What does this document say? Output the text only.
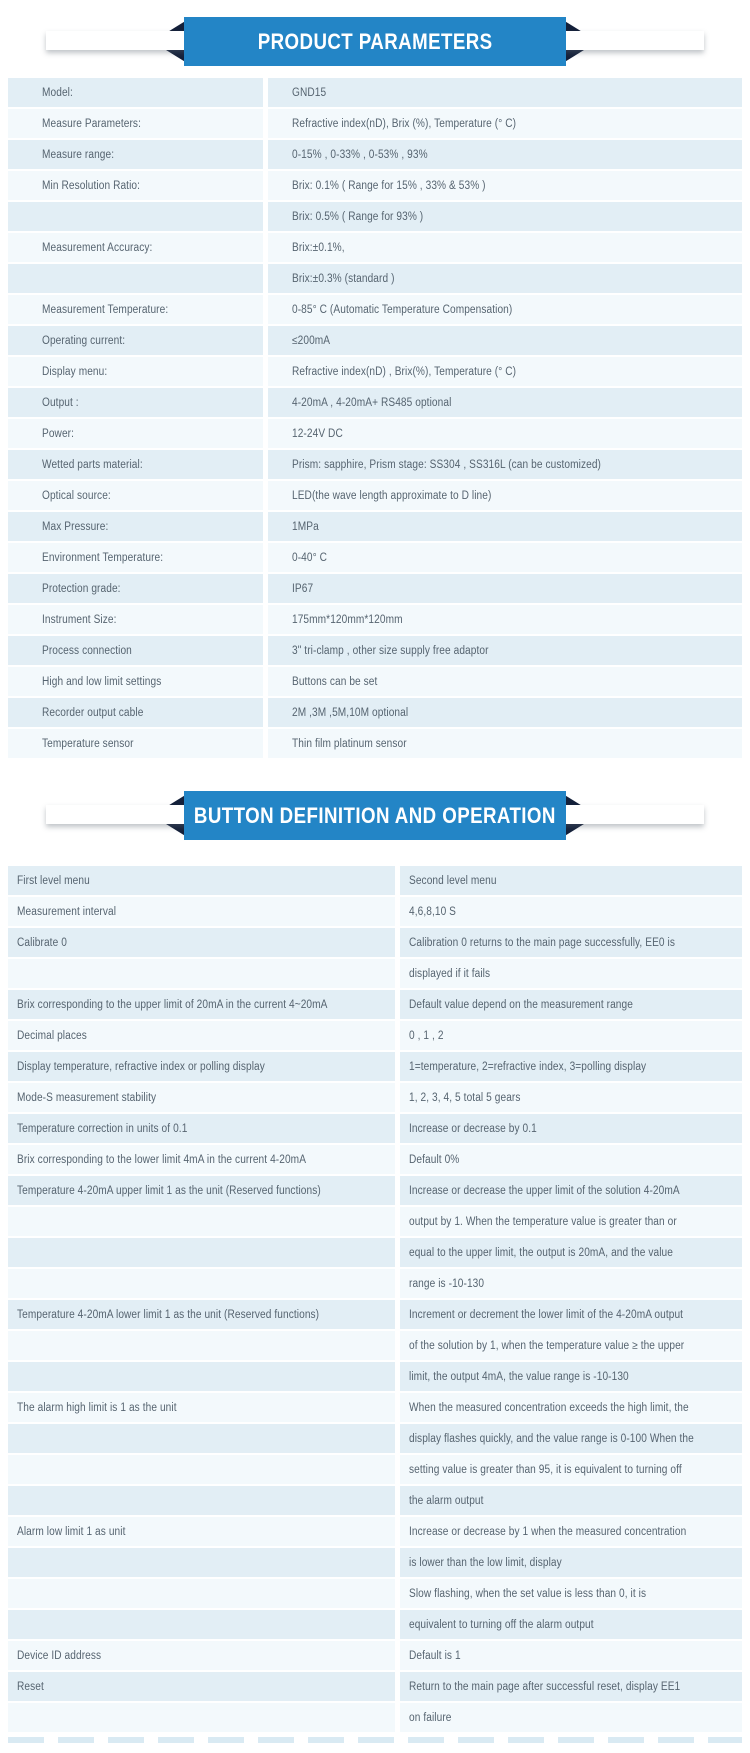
PRODUCT PARAMETERS
Model:	GND15
Measure Parameters:	Refractive index(nD), Brix (%), Temperature (° C)
Measure range:	0-15% , 0-33% , 0-53% , 93%
Min Resolution Ratio:	Brix: 0.1% ( Range for 15% , 33% & 53% )
Brix: 0.5% ( Range for 93% )
Measurement Accuracy:	Brix:±0.1%,
Brix:±0.3% (standard )
Measurement Temperature:	0-85° C (Automatic Temperature Compensation)
Operating current:	≤200mA
Display menu:	Refractive index(nD) , Brix(%), Temperature (° C)
Output :	4-20mA , 4-20mA+ RS485 optional
Power:	12-24V DC
Wetted parts material:	Prism: sapphire, Prism stage: SS304 , SS316L (can be customized)
Optical source:	LED(the wave length approximate to D line)
Max Pressure:	1MPa
Environment Temperature:	0-40° C
Protection grade:	IP67
Instrument Size:	175mm*120mm*120mm
Process connection	3" tri-clamp , other size supply free adaptor
High and low limit settings	Buttons can be set
Recorder output cable	2M ,3M ,5M,10M optional
Temperature sensor	Thin film platinum sensor
BUTTON DEFINITION AND OPERATION
First level menu	Second level menu
Measurement interval	4,6,8,10 S
Calibrate 0	Calibration 0 returns to the main page successfully, EE0 is
displayed if it fails
Brix corresponding to the upper limit of 20mA in the current 4~20mA	Default value depend on the measurement range
Decimal places	0 , 1 , 2
Display temperature, refractive index or polling display	1=temperature, 2=refractive index, 3=polling display
Mode-S measurement stability	1, 2, 3, 4, 5 total 5 gears
Temperature correction in units of 0.1	Increase or decrease by 0.1
Brix corresponding to the lower limit 4mA in the current 4-20mA	Default 0%
Temperature 4-20mA upper limit 1 as the unit (Reserved functions)	Increase or decrease the upper limit of the solution 4-20mA
output by 1. When the temperature value is greater than or
equal to the upper limit, the output is 20mA, and the value
range is -10-130
Temperature 4-20mA lower limit 1 as the unit (Reserved functions)	Increment or decrement the lower limit of the 4-20mA output
of the solution by 1, when the temperature value ≥ the upper
limit, the output 4mA, the value range is -10-130
The alarm high limit is 1 as the unit	When the measured concentration exceeds the high limit, the
display flashes quickly, and the value range is 0-100 When the
setting value is greater than 95, it is equivalent to turning off
the alarm output
Alarm low limit 1 as unit	Increase or decrease by 1 when the measured concentration
is lower than the low limit, display
Slow flashing, when the set value is less than 0, it is
equivalent to turning off the alarm output
Device ID address	Default is 1
Reset	Return to the main page after successful reset, display EE1
on failure
